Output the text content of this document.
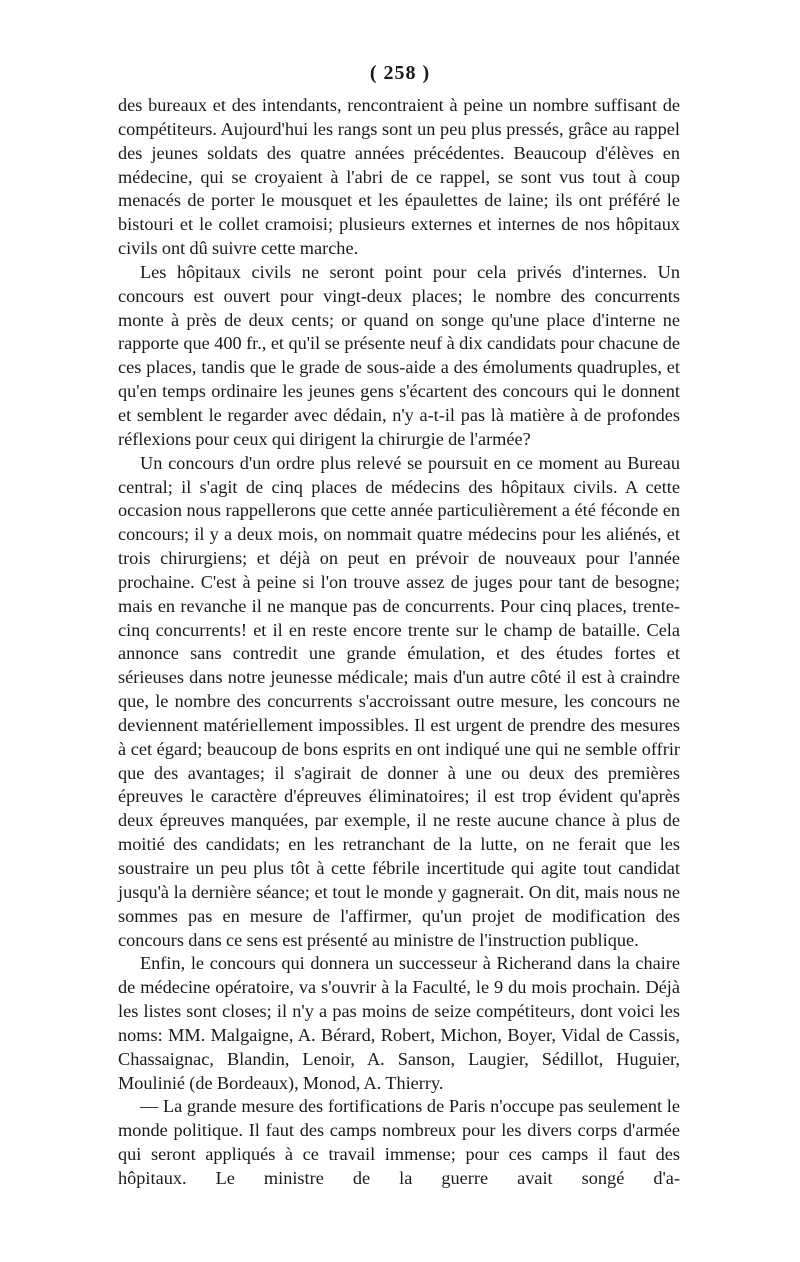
( 258 )

des bureaux et des intendants, rencontraient à peine un nombre suffisant de compétiteurs. Aujourd'hui les rangs sont un peu plus pressés, grâce au rappel des jeunes soldats des quatre années précédentes. Beaucoup d'élèves en médecine, qui se croyaient à l'abri de ce rappel, se sont vus tout à coup menacés de porter le mousquet et les épaulettes de laine; ils ont préféré le bistouri et le collet cramoisi; plusieurs externes et internes de nos hôpitaux civils ont dû suivre cette marche.

Les hôpitaux civils ne seront point pour cela privés d'internes. Un concours est ouvert pour vingt-deux places; le nombre des concurrents monte à près de deux cents; or quand on songe qu'une place d'interne ne rapporte que 400 fr., et qu'il se présente neuf à dix candidats pour chacune de ces places, tandis que le grade de sous-aide a des émoluments quadruples, et qu'en temps ordinaire les jeunes gens s'écartent des concours qui le donnent et semblent le regarder avec dédain, n'y a-t-il pas là matière à de profondes réflexions pour ceux qui dirigent la chirurgie de l'armée?

Un concours d'un ordre plus relevé se poursuit en ce moment au Bureau central; il s'agit de cinq places de médecins des hôpitaux civils. A cette occasion nous rappellerons que cette année particulièrement a été féconde en concours; il y a deux mois, on nommait quatre médecins pour les aliénés, et trois chirurgiens; et déjà on peut en prévoir de nouveaux pour l'année prochaine. C'est à peine si l'on trouve assez de juges pour tant de besogne; mais en revanche il ne manque pas de concurrents. Pour cinq places, trente-cinq concurrents! et il en reste encore trente sur le champ de bataille. Cela annonce sans contredit une grande émulation, et des études fortes et sérieuses dans notre jeunesse médicale; mais d'un autre côté il est à craindre que, le nombre des concurrents s'accroissant outre mesure, les concours ne deviennent matériellement impossibles. Il est urgent de prendre des mesures à cet égard; beaucoup de bons esprits en ont indiqué une qui ne semble offrir que des avantages; il s'agirait de donner à une ou deux des premières épreuves le caractère d'épreuves éliminatoires; il est trop évident qu'après deux épreuves manquées, par exemple, il ne reste aucune chance à plus de moitié des candidats; en les retranchant de la lutte, on ne ferait que les soustraire un peu plus tôt à cette fébrile incertitude qui agite tout candidat jusqu'à la dernière séance; et tout le monde y gagnerait. On dit, mais nous ne sommes pas en mesure de l'affirmer, qu'un projet de modification des concours dans ce sens est présenté au ministre de l'instruction publique.

Enfin, le concours qui donnera un successeur à Richerand dans la chaire de médecine opératoire, va s'ouvrir à la Faculté, le 9 du mois prochain. Déjà les listes sont closes; il n'y a pas moins de seize compétiteurs, dont voici les noms: MM. Malgaigne, A. Bérard, Robert, Michon, Boyer, Vidal de Cassis, Chassaignac, Blandin, Lenoir, A. Sanson, Laugier, Sédillot, Huguier, Moulinié (de Bordeaux), Monod, A. Thierry.

— La grande mesure des fortifications de Paris n'occupe pas seulement le monde politique. Il faut des camps nombreux pour les divers corps d'armée qui seront appliqués à ce travail immense; pour ces camps il faut des hôpitaux. Le ministre de la guerre avait songé d'a-
